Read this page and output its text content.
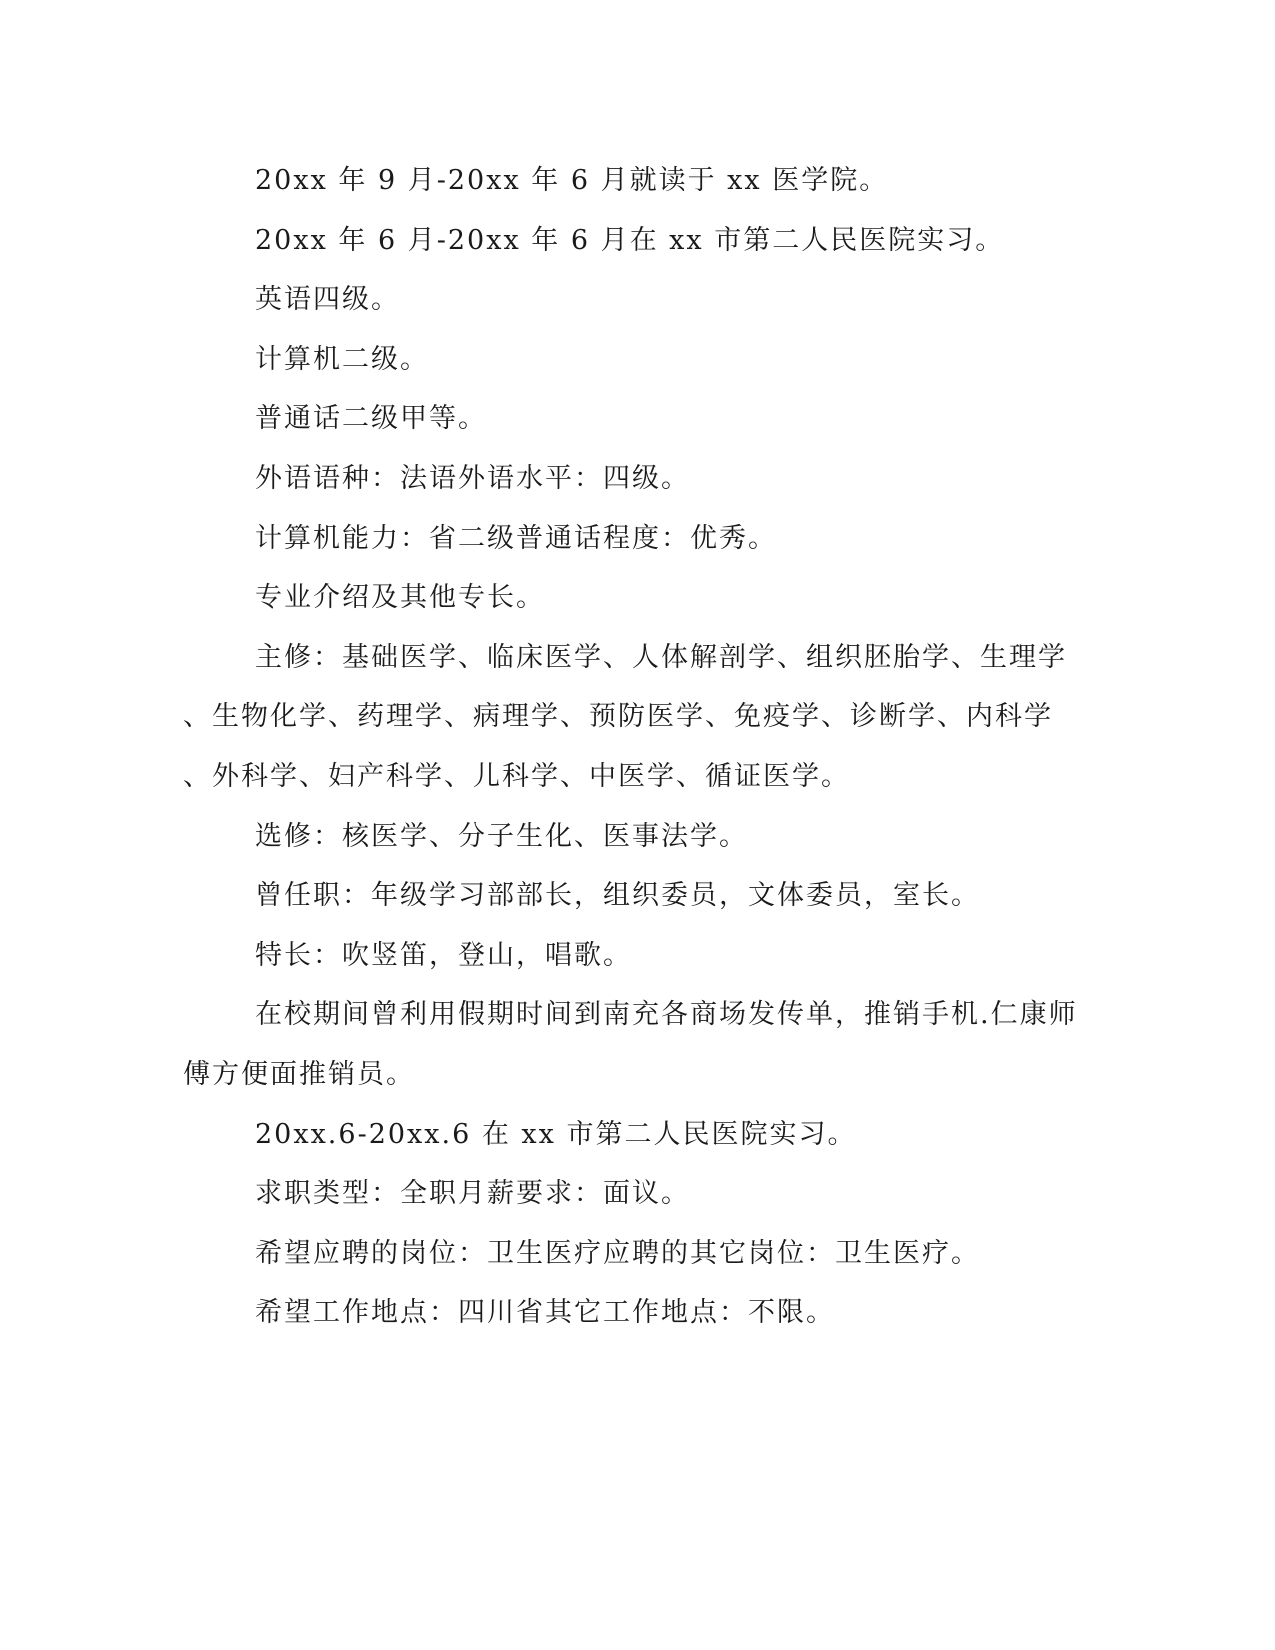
20xx 年 9 月-20xx 年 6 月就读于 xx 医学院。
20xx 年 6 月-20xx 年 6 月在 xx 市第二人民医院实习。
英语四级。
计算机二级。
普通话二级甲等。
外语语种：法语外语水平：四级。
计算机能力：省二级普通话程度：优秀。
专业介绍及其他专长。
主修：基础医学、临床医学、人体解剖学、组织胚胎学、生理学
、生物化学、药理学、病理学、预防医学、免疫学、诊断学、内科学
、外科学、妇产科学、儿科学、中医学、循证医学。
选修：核医学、分子生化、医事法学。
曾任职：年级学习部部长，组织委员，文体委员，室长。
特长：吹竖笛，登山，唱歌。
在校期间曾利用假期时间到南充各商场发传单，推销手机.仁康师
傅方便面推销员。
20xx.6-20xx.6 在 xx 市第二人民医院实习。
求职类型：全职月薪要求：面议。
希望应聘的岗位：卫生医疗应聘的其它岗位：卫生医疗。
希望工作地点：四川省其它工作地点：不限。
